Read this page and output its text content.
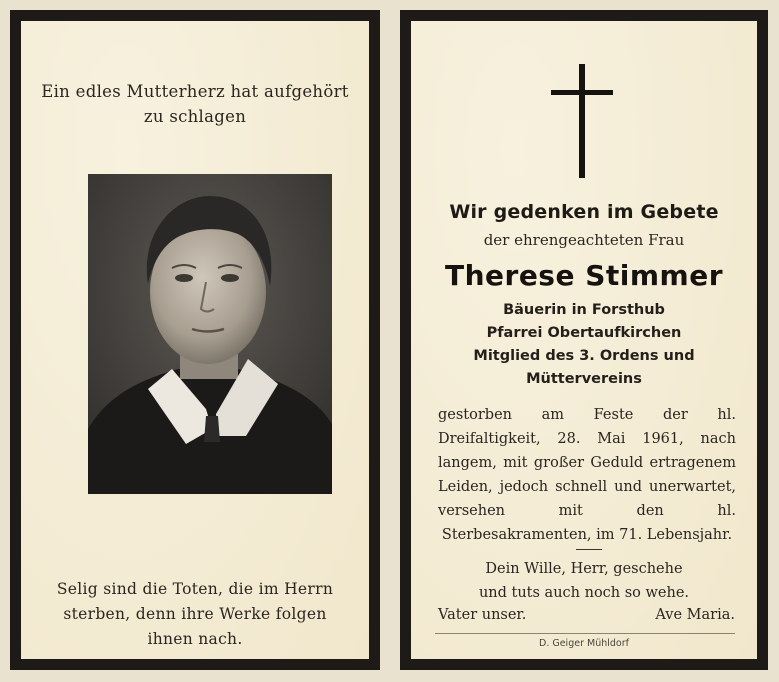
Ein edles Mutterherz hat aufgehört
zu schlagen
Selig sind die Toten, die im Herrn
sterben, denn ihre Werke folgen
ihnen nach.
Wir gedenken im Gebete
der ehrengeachteten Frau
Therese Stimmer
Bäuerin in Forsthub
Pfarrei Obertaufkirchen
Mitglied des 3. Ordens und
Müttervereins
gestorben am Feste der hl. Dreifaltigkeit, 28. Mai 1961, nach langem, mit großer Geduld ertragenem Leiden, jedoch schnell und unerwartet, versehen mit den hl. Sterbesakramenten, im 71. Lebensjahr.
Dein Wille, Herr, geschehe
und tuts auch noch so wehe.
Vater unser.	Ave Maria.
D. Geiger Mühldorf
